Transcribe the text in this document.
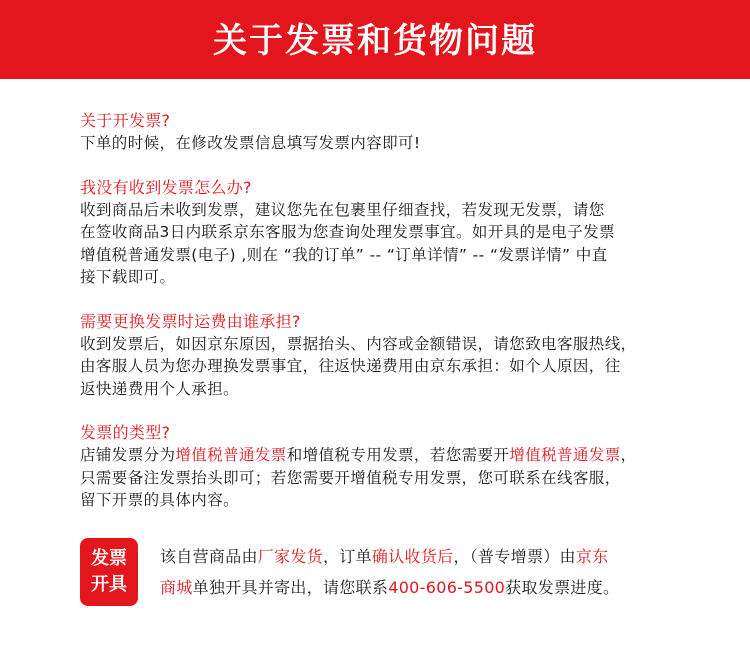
关于发票和货物问题
关于开发票?
下单的时候，在修改发票信息填写发票内容即可!
我没有收到发票怎么办?
收到商品后未收到发票，建议您先在包裹里仔细查找，若发现无发票，请您
在签收商品3日内联系京东客服为您查询处理发票事宜。如开具的是电子发票
增值税普通发票(电子) ,则在 “我的订单” -- “订单详情” -- “发票详情” 中直
接下载即可。
需要更换发票时运费由谁承担?
收到发票后，如因京东原因，票据抬头、内容或金额错误，请您致电客服热线，
由客服人员为您办理换发票事宜，往返快递费用由京东承担：如个人原因，往
返快递费用个人承担。
发票的类型?
店铺发票分为增值税普通发票和增值税专用发票，若您需要开增值税普通发票，
只需要备注发票抬头即可；若您需要开增值税专用发票，您可联系在线客服，
留下开票的具体内容。
发票
开具
该自营商品由厂家发货，订单确认收货后，（普专增票）由京东
商城单独开具并寄出，请您联系400-606-5500获取发票进度。
